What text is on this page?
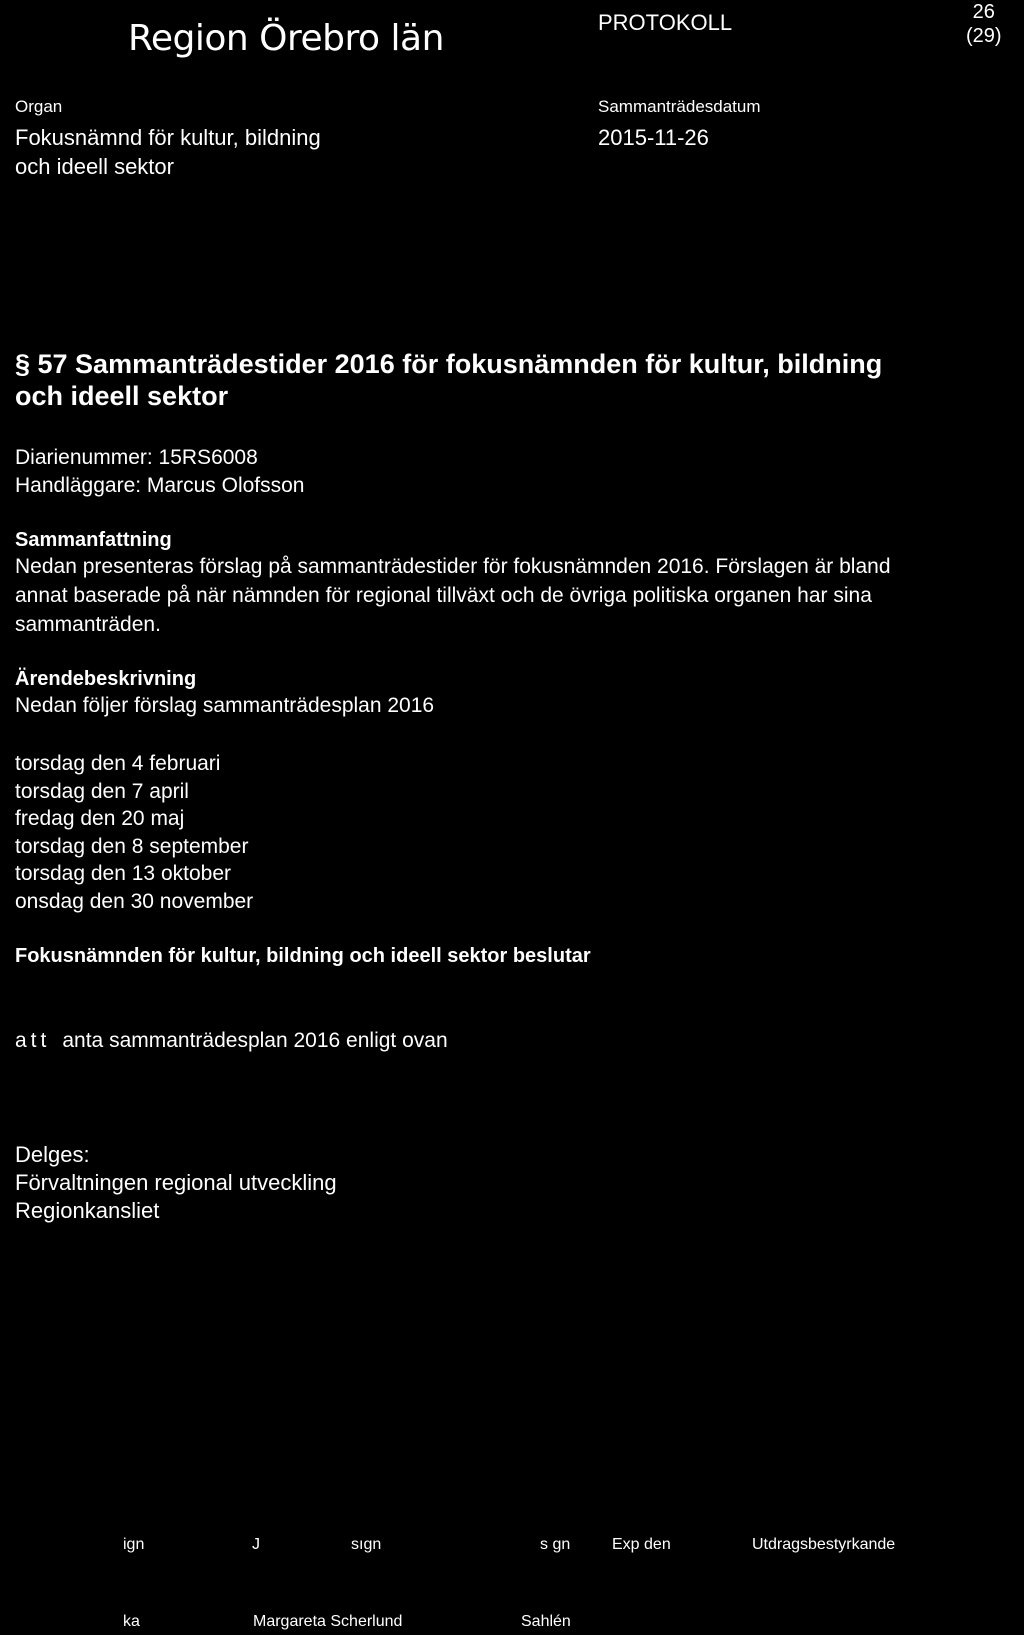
Region Örebro län	PROTOKOLL	26
(29)
Organ
Fokusnämnd för kultur, bildning
och ideell sektor
Sammanträdesdatum
2015-11-26
§ 57 Sammanträdestider 2016 för fokusnämnden för kultur, bildning
och ideell sektor
Diarienummer: 15RS6008
Handläggare: Marcus Olofsson
Sammanfattning
Nedan presenteras förslag på sammanträdestider för fokusnämnden 2016. Förslagen är bland
annat baserade på när nämnden för regional tillväxt och de övriga politiska organen har sina
sammanträden.
Ärendebeskrivning
Nedan följer förslag sammanträdesplan 2016
torsdag den 4 februari
torsdag den 7 april
fredag den 20 maj
torsdag den 8 september
torsdag den 13 oktober
onsdag den 30 november
Fokusnämnden för kultur, bildning och ideell sektor beslutar
att anta sammanträdesplan 2016 enligt ovan
Delges:
Förvaltningen regional utveckling
Regionkansliet
ign	J	sıgn	s gn	Exp den	Utdragsbestyrkande
ka	Margareta Scherlund	Sahlén
